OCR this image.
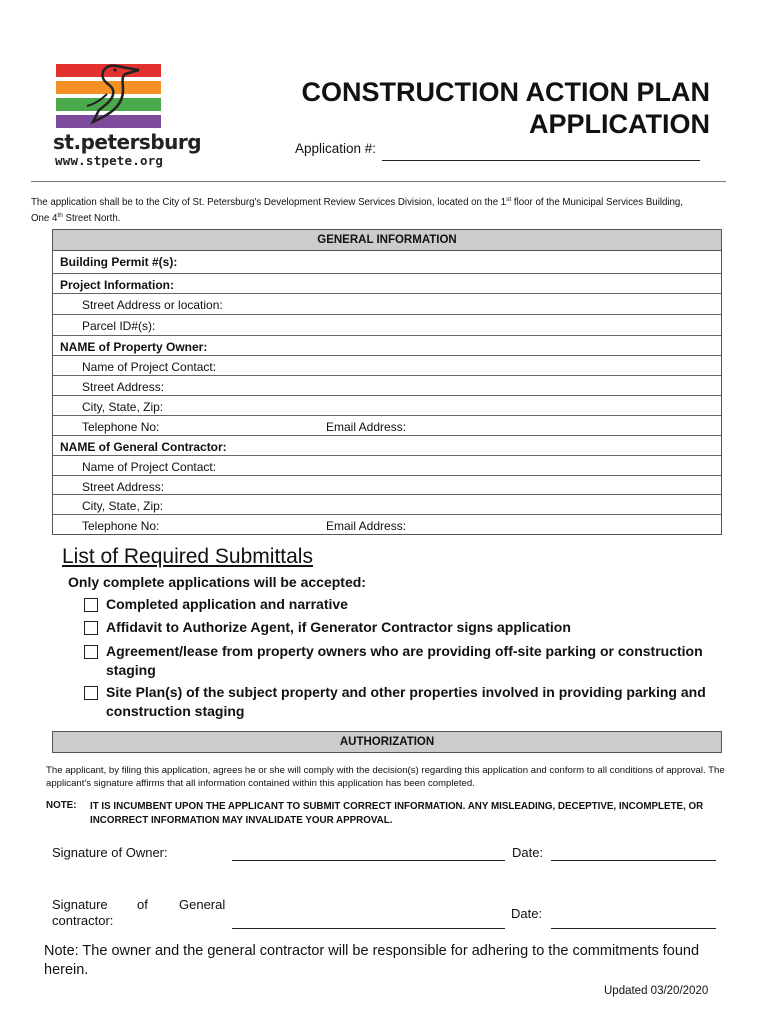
st.petersburg
www.stpete.org
CONSTRUCTION ACTION PLAN
APPLICATION
Application #:
The application shall be to the City of St. Petersburg's Development Review Services Division, located on the 1st floor of the Municipal Services Building,
One 4th Street North.
Building Permit #(s):
Project Information:
Street Address or location:
Parcel ID#(s):
NAME of Property Owner:
Name of Project Contact:
Street Address:
City, State, Zip:
Telephone No:	Email Address:
NAME of General Contractor:
Name of Project Contact:
Street Address:
City, State, Zip:
Telephone No:	Email Address:
GENERAL INFORMATION
List of Required Submittals
Only complete applications will be accepted:
Completed application and narrative
Affidavit to Authorize Agent, if Generator Contractor signs application
Agreement/lease from property owners who are providing off-site parking or construction staging
Site Plan(s) of the subject property and other properties involved in providing parking and construction staging
AUTHORIZATION
The applicant, by filing this application, agrees he or she will comply with the decision(s) regarding this application and conform to all conditions of approval. The applicant's signature affirms that all information contained within this application has been completed.
NOTE: IT IS INCUMBENT UPON THE APPLICANT TO SUBMIT CORRECT INFORMATION. ANY MISLEADING, DECEPTIVE, INCOMPLETE, OR INCORRECT INFORMATION MAY INVALIDATE YOUR APPROVAL.
Signature of Owner:	Date:
Signature of General
contractor:	Date:
Note: The owner and the general contractor will be responsible for adhering to the commitments found herein.
Updated 03/20/2020
